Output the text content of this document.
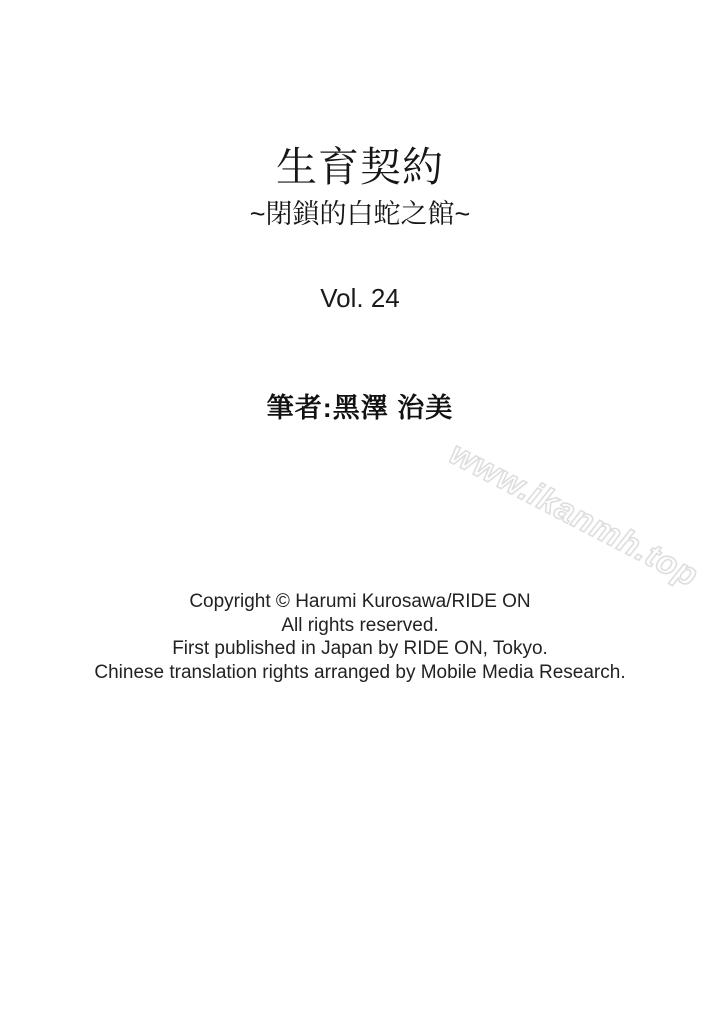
生育契約
~閉鎖的白蛇之館~
Vol. 24
筆者:黑澤 治美
www.ikanmh.top

Copyright © Harumi Kurosawa/RIDE ON

All rights reserved.

First published in Japan by RIDE ON, Tokyo.

Chinese translation rights arranged by Mobile Media Research.
